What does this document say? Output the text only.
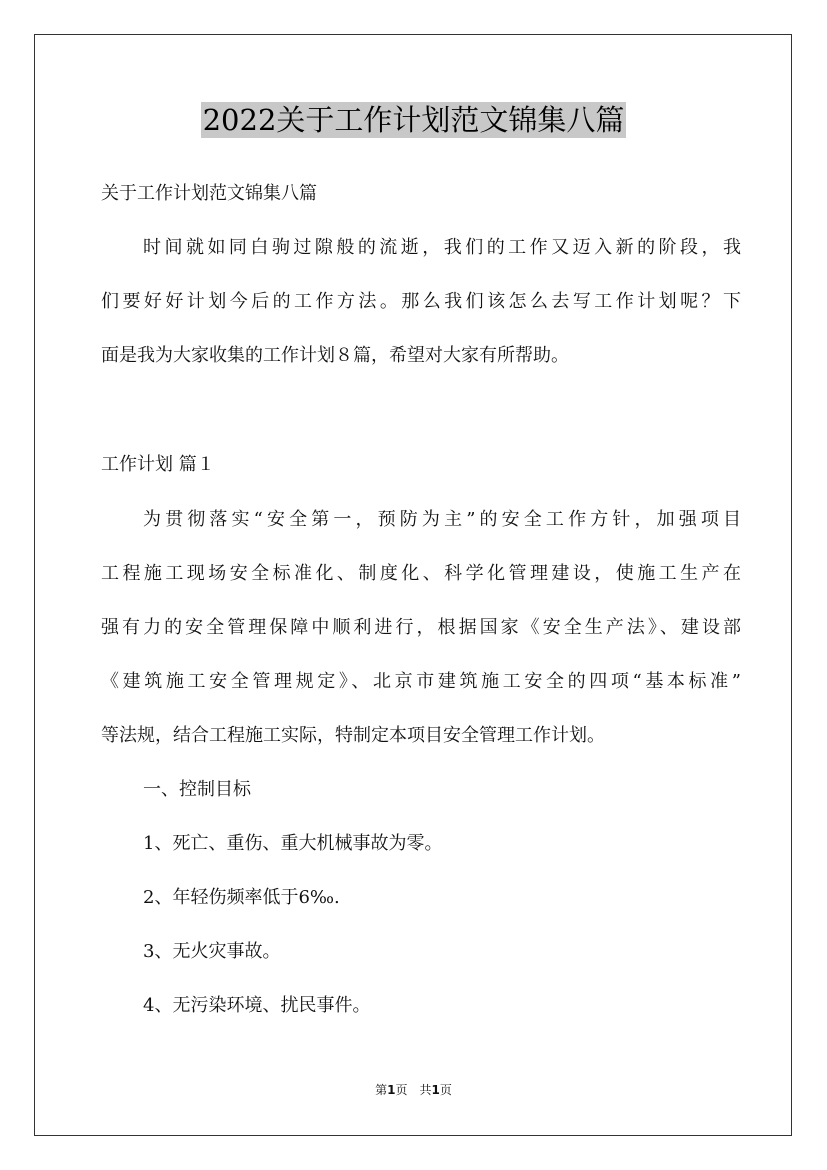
2022关于工作计划范文锦集八篇
关于工作计划范文锦集八篇
时间就如同白驹过隙般的流逝，我们的工作又迈入新的阶段，我
们要好好计划今后的工作方法。那么我们该怎么去写工作计划呢？下
面是我为大家收集的工作计划８篇，希望对大家有所帮助。
工作计划 篇１
为贯彻落实“安全第一，预防为主”的安全工作方针，加强项目
工程施工现场安全标准化、制度化、科学化管理建设，使施工生产在
强有力的安全管理保障中顺利进行，根据国家《安全生产法》、建设部
《建筑施工安全管理规定》、北京市建筑施工安全的四项“基本标准”
等法规，结合工程施工实际，特制定本项目安全管理工作计划。
一、控制目标
1、死亡、重伤、重大机械事故为零。
2、年轻伤频率低于6‰.
3、无火灾事故。
4、无污染环境、扰民事件。
第1页　共1页
